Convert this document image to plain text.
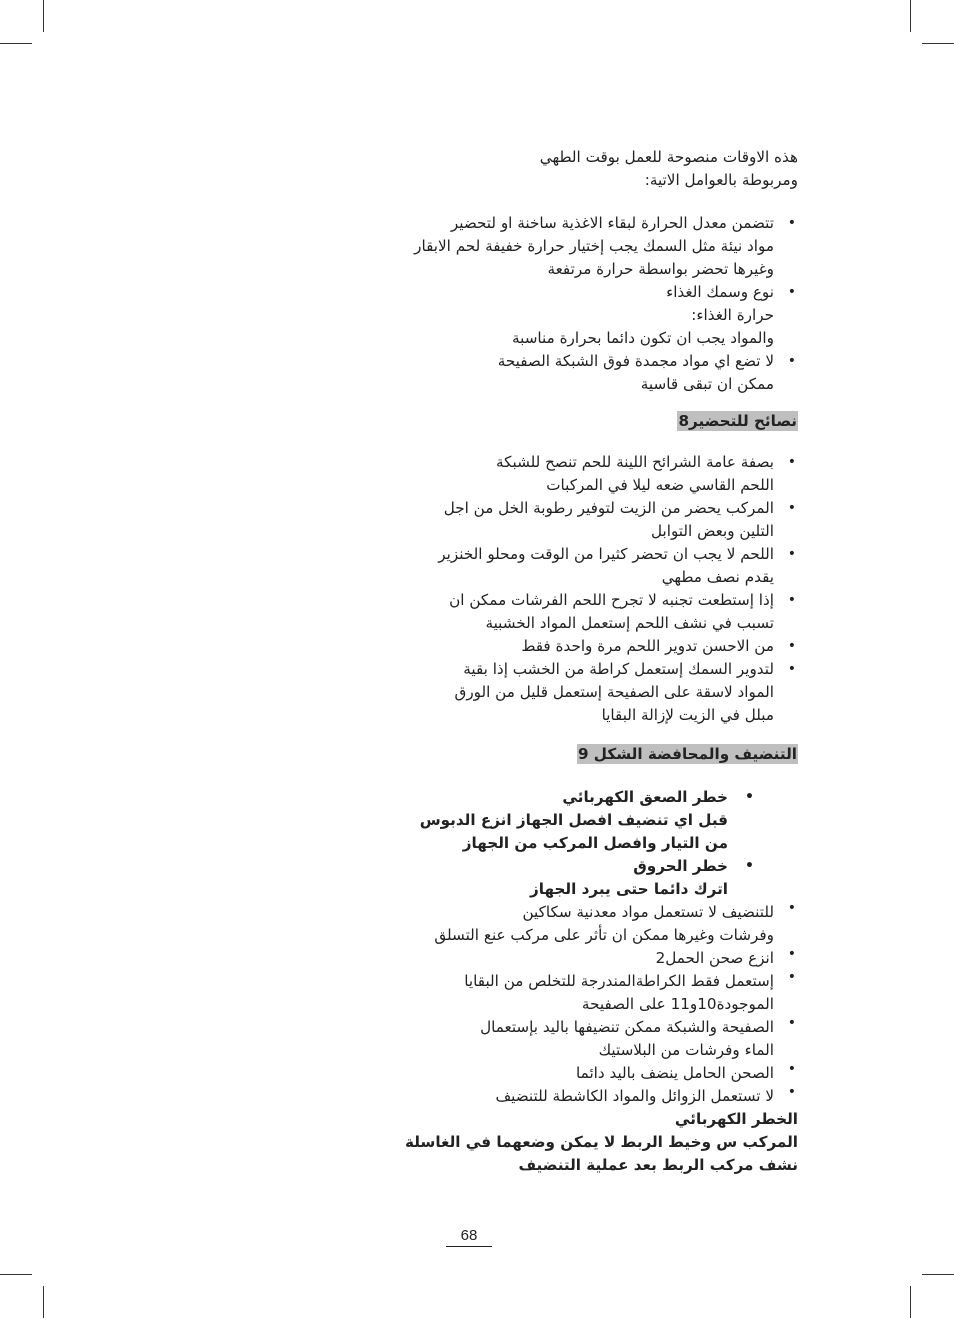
هذه الاوقات منصوحة للعمل بوقت الطهي
ومربوطة بالعوامل الاتية:

• تتضمن معدل الحرارة لبقاء الاغذية ساخنة او لتحضير
مواد نيئة مثل السمك يجب إختيار حرارة خفيفة لحم الابقار
وغيرها تحضر بواسطة حرارة مرتفعة
• نوع وسمك الغذاء
حرارة الغذاء:
والمواد يجب ان تكون دائما بحرارة مناسبة
• لا تضع اي مواد مجمدة فوق الشبكة الصفيحة
ممكن ان تبقى قاسية
نصائح للتحضير8
• بصفة عامة الشرائح اللينة للحم تنصح للشبكة
اللحم القاسي ضعه ليلا في المركبات
• المركب يحضر من الزيت لتوفير رطوبة الخل من اجل
التلين وبعض التوابل
• اللحم لا يجب ان تحضر كثيرا من الوقت ومحلو الخنزير
يقدم نصف مطهي
• إذا إستطعت تجنبه لا تجرح اللحم الفرشات ممكن ان
تسبب في نشف اللحم إستعمل المواد الخشبية
• من الاحسن تدوير اللحم مرة واحدة فقط
• لتدوير السمك إستعمل كراطة من الخشب إذا بقية
المواد لاسقة على الصفيحة إستعمل قليل من الورق
مبلل في الزيت لإزالة البقايا
التنضيف والمحافضة الشكل 9
• خطر الصعق الكهربائي
قبل اي تنضيف افصل الجهاز انزع الدبوس
من التيار وافصل المركب من الجهاز
• خطر الحروق
اترك دائما حتى يبرد الجهاز
• للتنضيف لا تستعمل مواد معدنية سكاكين
وفرشات وغيرها ممكن ان تأثر على مركب عنع التسلق
• انزع صحن الحمل2
• إستعمل فقط الكراطةالمندرجة للتخلص من البقايا
الموجودة10و11 على الصفيحة
• الصفيحة والشبكة ممكن تنضيفها باليد بإستعمال
الماء وفرشات من البلاستيك
• الصحن الحامل ينضف باليد دائما
• لا تستعمل الزوائل والمواد الكاشطة للتنضيف

الخطر الكهربائي
المركب س وخيط الربط لا يمكن وضعهما في الغاسلة
نشف مركب الربط بعد عملية التنضيف

68
